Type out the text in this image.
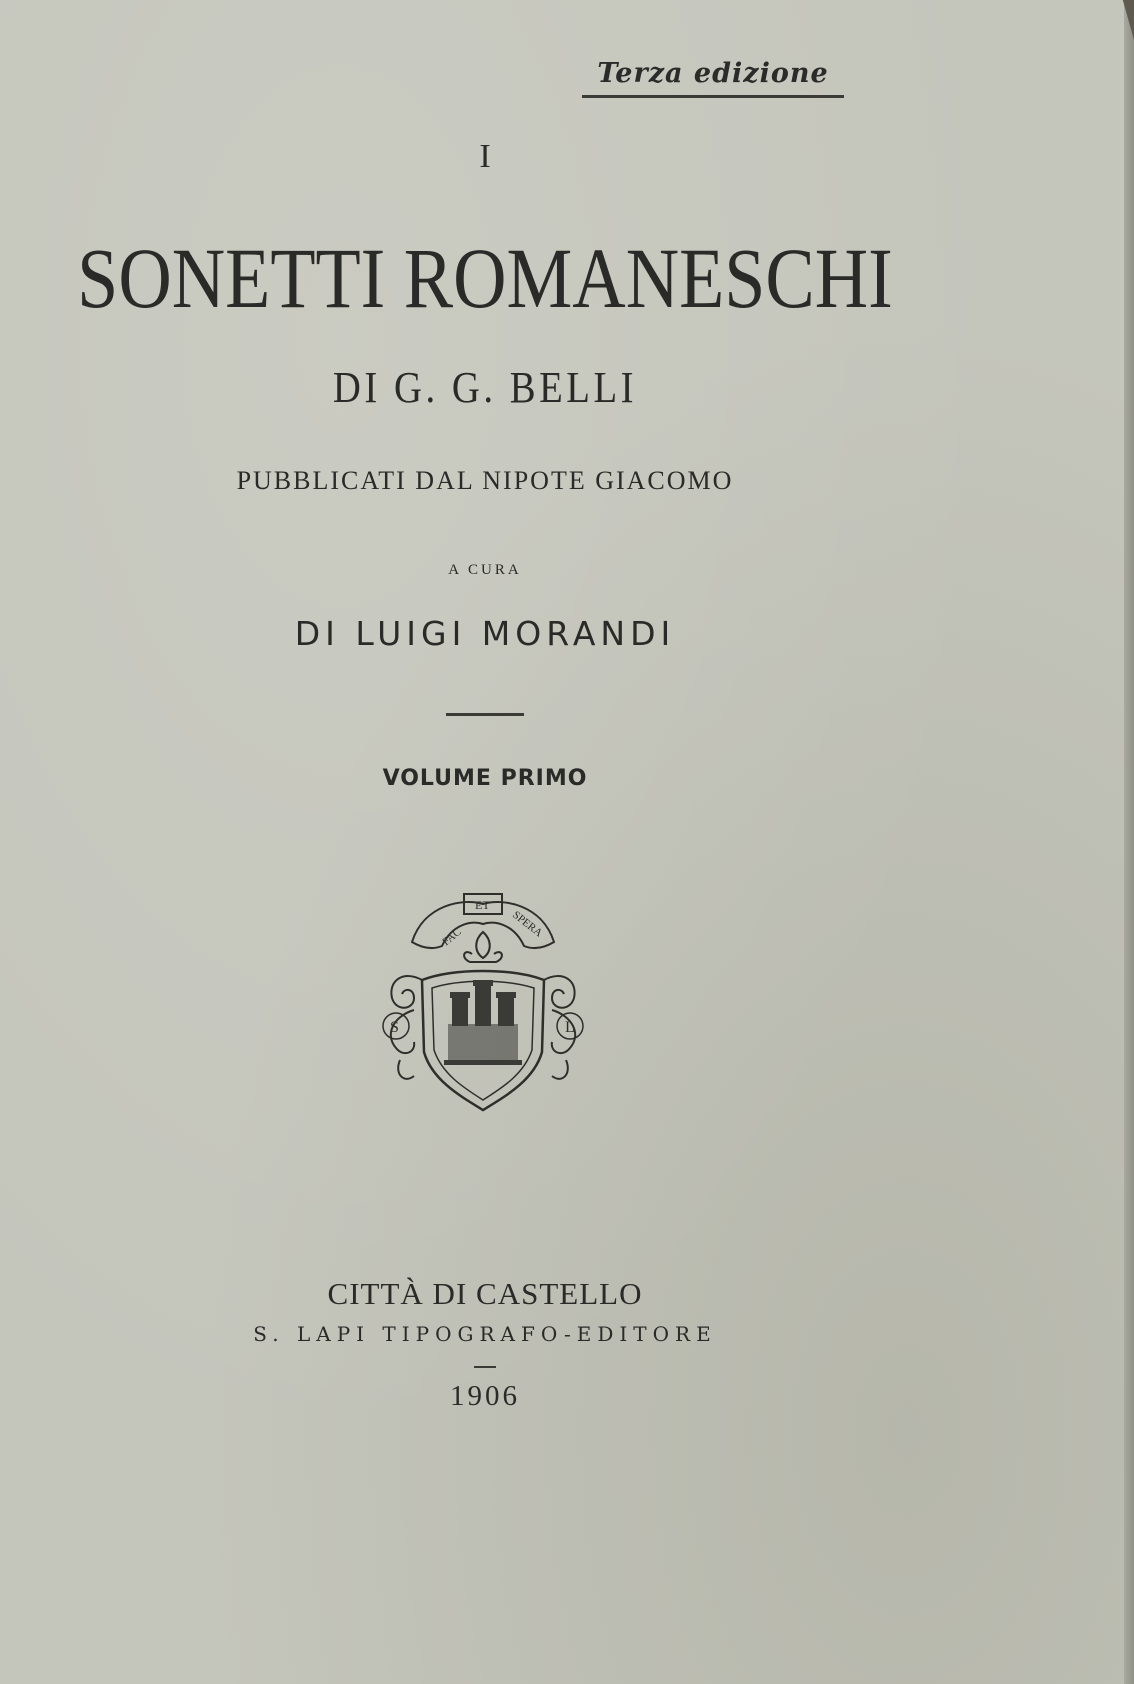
Terza edizione
I
SONETTI ROMANESCHI
DI G. G. BELLI
PUBBLICATI DAL NIPOTE GIACOMO
A CURA
DI LUIGI MORANDI
VOLUME PRIMO
FAC
ET
SPERA
S	L
CITTÀ DI CASTELLO
S. LAPI TIPOGRAFO-EDITORE
1906
